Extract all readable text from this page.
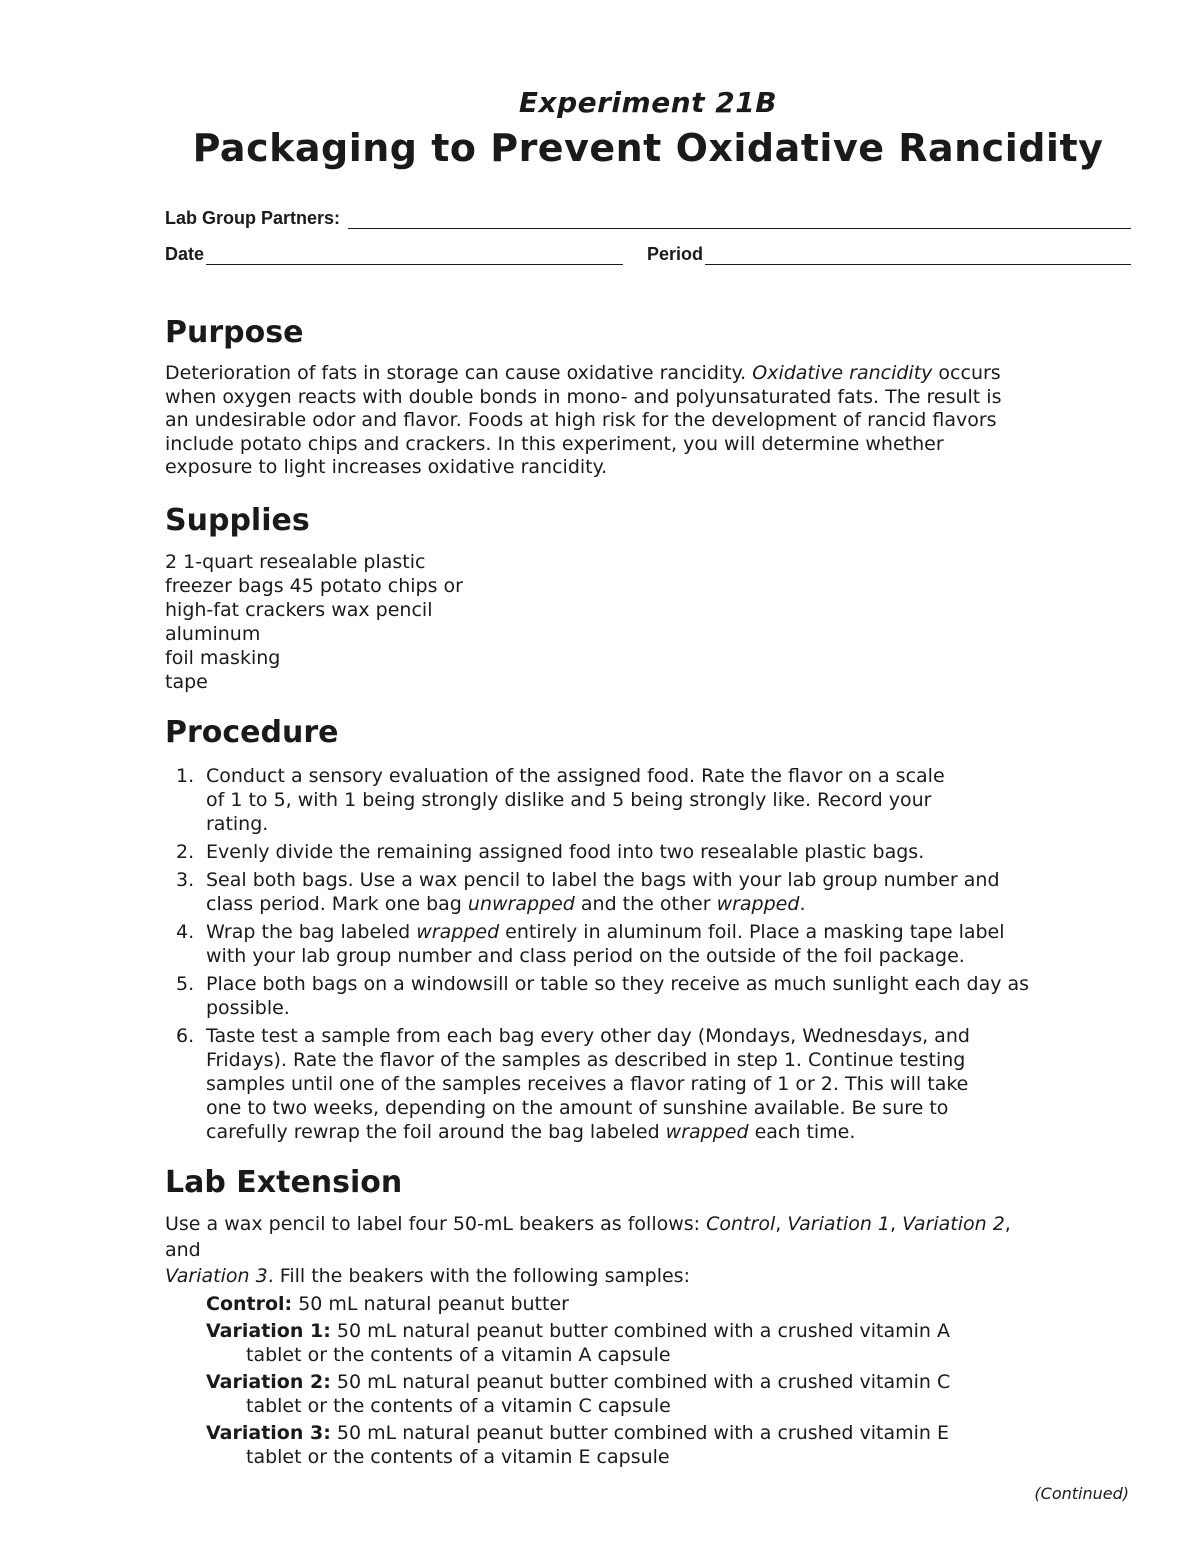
Experiment 21B
Packaging to Prevent Oxidative Rancidity
Lab Group Partners:
Date	Period
Purpose
Deterioration of fats in storage can cause oxidative rancidity. Oxidative rancidity occurs
when oxygen reacts with double bonds in mono- and polyunsaturated fats. The result is
an undesirable odor and flavor. Foods at high risk for the development of rancid flavors
include potato chips and crackers. In this experiment, you will determine whether
exposure to light increases oxidative rancidity.
Supplies
2 1-quart resealable plastic
freezer bags 45 potato chips or
high-fat crackers wax pencil
aluminum
foil masking
tape
Procedure
1. Conduct a sensory evaluation of the assigned food. Rate the flavor on a scale
of 1 to 5, with 1 being strongly dislike and 5 being strongly like. Record your
rating.
2. Evenly divide the remaining assigned food into two resealable plastic bags.
3. Seal both bags. Use a wax pencil to label the bags with your lab group number and
class period. Mark one bag unwrapped and the other wrapped.
4. Wrap the bag labeled wrapped entirely in aluminum foil. Place a masking tape label
with your lab group number and class period on the outside of the foil package.
5. Place both bags on a windowsill or table so they receive as much sunlight each day as
possible.
6. Taste test a sample from each bag every other day (Mondays, Wednesdays, and
Fridays). Rate the flavor of the samples as described in step 1. Continue testing
samples until one of the samples receives a flavor rating of 1 or 2. This will take
one to two weeks, depending on the amount of sunshine available. Be sure to
carefully rewrap the foil around the bag labeled wrapped each time.
Lab Extension
Use a wax pencil to label four 50-mL beakers as follows: Control, Variation 1, Variation 2,
and
Variation 3. Fill the beakers with the following samples:
Control: 50 mL natural peanut butter
Variation 1: 50 mL natural peanut butter combined with a crushed vitamin A
tablet or the contents of a vitamin A capsule
Variation 2: 50 mL natural peanut butter combined with a crushed vitamin C
tablet or the contents of a vitamin C capsule
Variation 3: 50 mL natural peanut butter combined with a crushed vitamin E
tablet or the contents of a vitamin E capsule
(Continued)
